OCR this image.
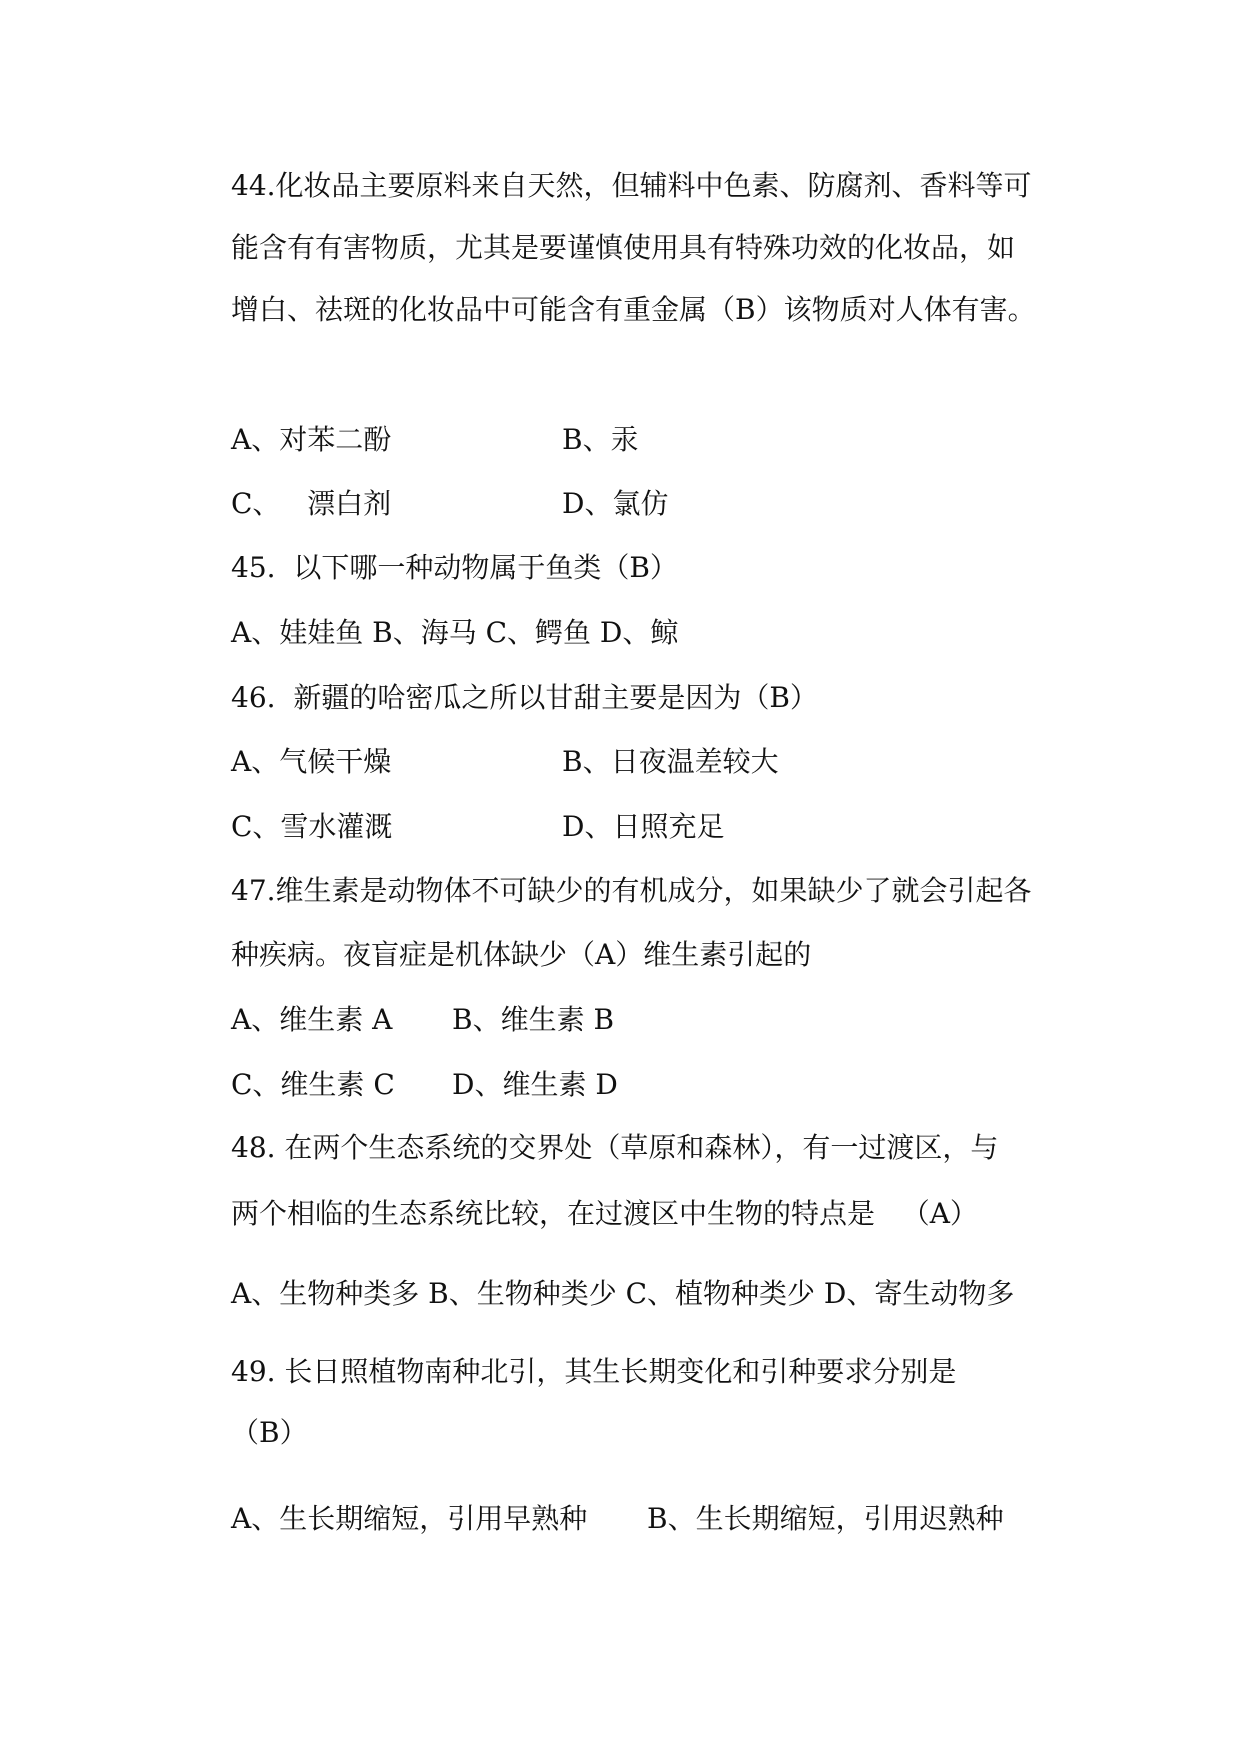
44.化妆品主要原料来自天然，但辅料中色素、防腐剂、香料等可
能含有有害物质，尤其是要谨慎使用具有特殊功效的化妆品，如
增白、祛斑的化妆品中可能含有重金属（B）该物质对人体有害。
A、对苯二酚	B、汞
C、   漂白剂	D、氯仿
45.  以下哪一种动物属于鱼类（B）
A、娃娃鱼 B、海马 C、鳄鱼 D、鲸
46.  新疆的哈密瓜之所以甘甜主要是因为（B）
A、气候干燥	B、日夜温差较大
C、雪水灌溉	D、日照充足
47.维生素是动物体不可缺少的有机成分，如果缺少了就会引起各
种疾病。夜盲症是机体缺少（A）维生素引起的
A、维生素 A B、维生素 B
C、维生素 C D、维生素 D
48. 在两个生态系统的交界处（草原和森林），有一过渡区，与
两个相临的生态系统比较，在过渡区中生物的特点是   （A）
A、生物种类多 B、生物种类少 C、植物种类少 D、寄生动物多
49. 长日照植物南种北引，其生长期变化和引种要求分别是
（B）
A、生长期缩短，引用早熟种 B、生长期缩短，引用迟熟种
